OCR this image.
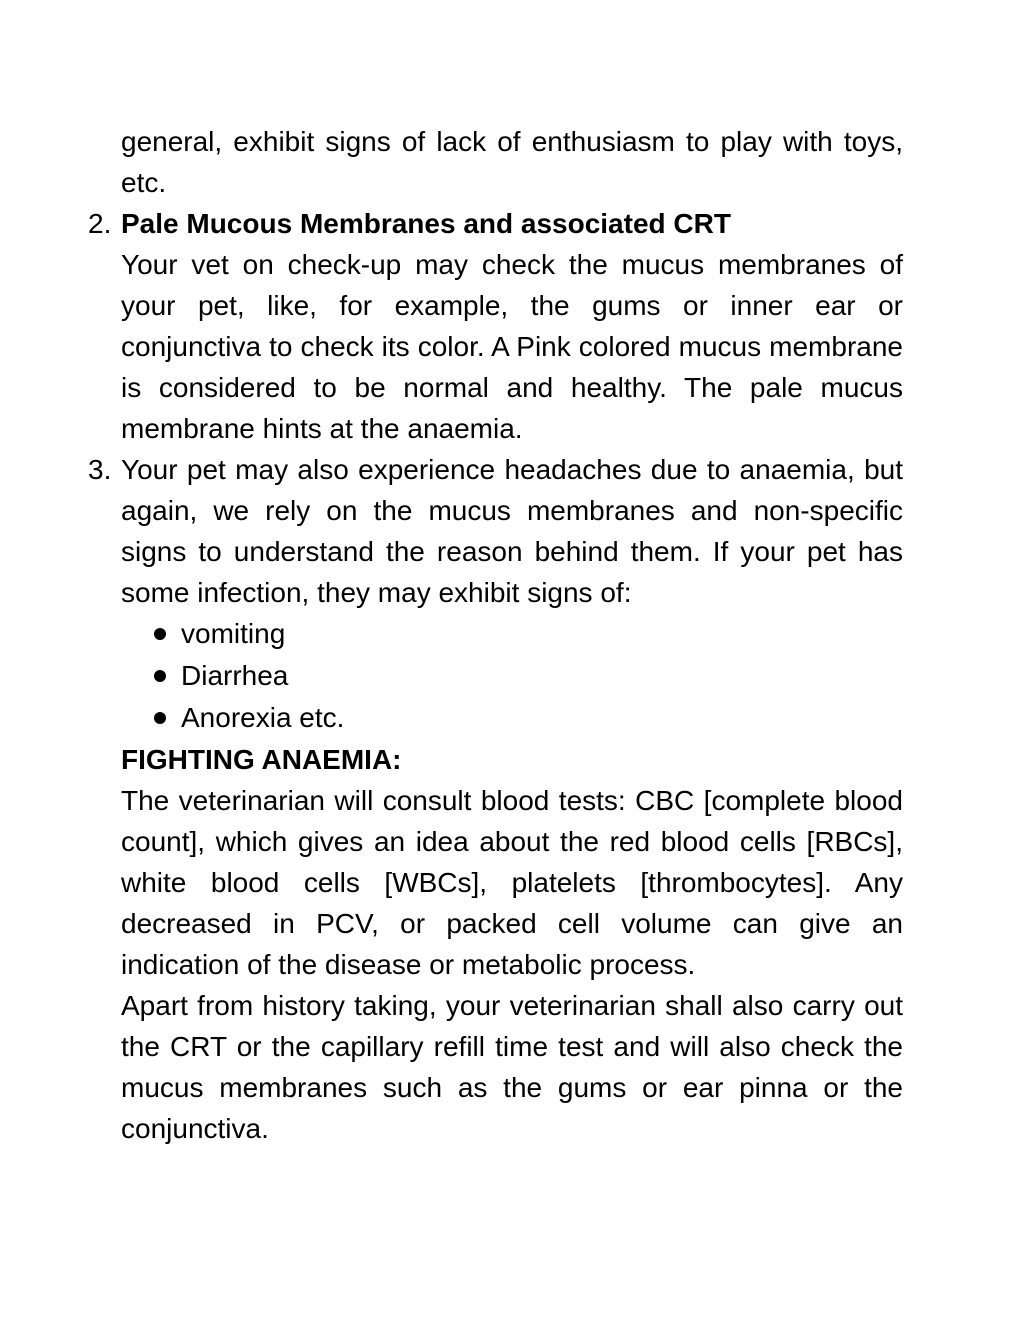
general, exhibit signs of lack of enthusiasm to play with toys, etc.

2. Pale Mucous Membranes and associated CRT

Your vet on check-up may check the mucus membranes of your pet, like, for example, the gums or inner ear or conjunctiva to check its color. A Pink colored mucus membrane is considered to be normal and healthy. The pale mucus membrane hints at the anaemia.

3. Your pet may also experience headaches due to anaemia, but again, we rely on the mucus membranes and non-specific signs to understand the reason behind them. If your pet has some infection, they may exhibit signs of:

vomiting
Diarrhea
Anorexia etc.

FIGHTING ANAEMIA:

The veterinarian will consult blood tests: CBC [complete blood count], which gives an idea about the red blood cells [RBCs], white blood cells [WBCs], platelets [thrombocytes]. Any decreased in PCV, or packed cell volume can give an indication of the disease or metabolic process.

Apart from history taking, your veterinarian shall also carry out the CRT or the capillary refill time test and will also check the mucus membranes such as the gums or ear pinna or the conjunctiva.
